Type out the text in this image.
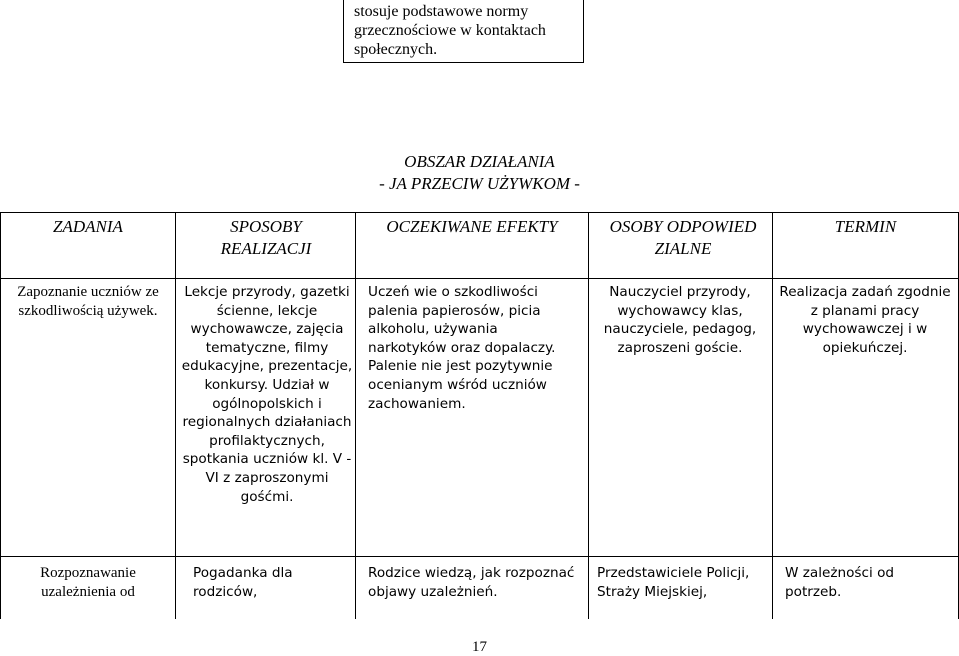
stosuje podstawowe normy grzecznościowe w kontaktach społecznych.
OBSZAR DZIAŁANIA
- JA PRZECIW UŻYWKOM -
ZADANIA	SPOSOBY REALIZACJI
OCZEKIWANE EFEKTY	OSOBY ODPOWIEDZIALNE
TERMIN
Zapoznanie uczniów ze szkodliwością używek.
Lekcje przyrody, gazetki ścienne, lekcje wychowawcze, zajęcia tematyczne, filmy edukacyjne, prezentacje, konkursy. Udział w ogólnopolskich i regionalnych działaniach profilaktycznych, spotkania uczniów kl. V -VI z zaproszonymi gośćmi.
Uczeń wie o szkodliwości palenia papierosów, picia alkoholu, używania narkotyków oraz dopalaczy. Palenie nie jest pozytywnie ocenianym wśród uczniów zachowaniem.
Nauczyciel przyrody, wychowawcy klas, nauczyciele, pedagog, zaproszeni goście.
Realizacja zadań zgodnie z planami pracy wychowawczej i w opiekuńczej.
Rozpoznawanie uzależnienia od
Pogadanka dla rodziców,
Rodzice wiedzą, jak rozpoznać objawy uzależnień.
Przedstawiciele Policji, Straży Miejskiej,
W zależności od potrzeb.
17
